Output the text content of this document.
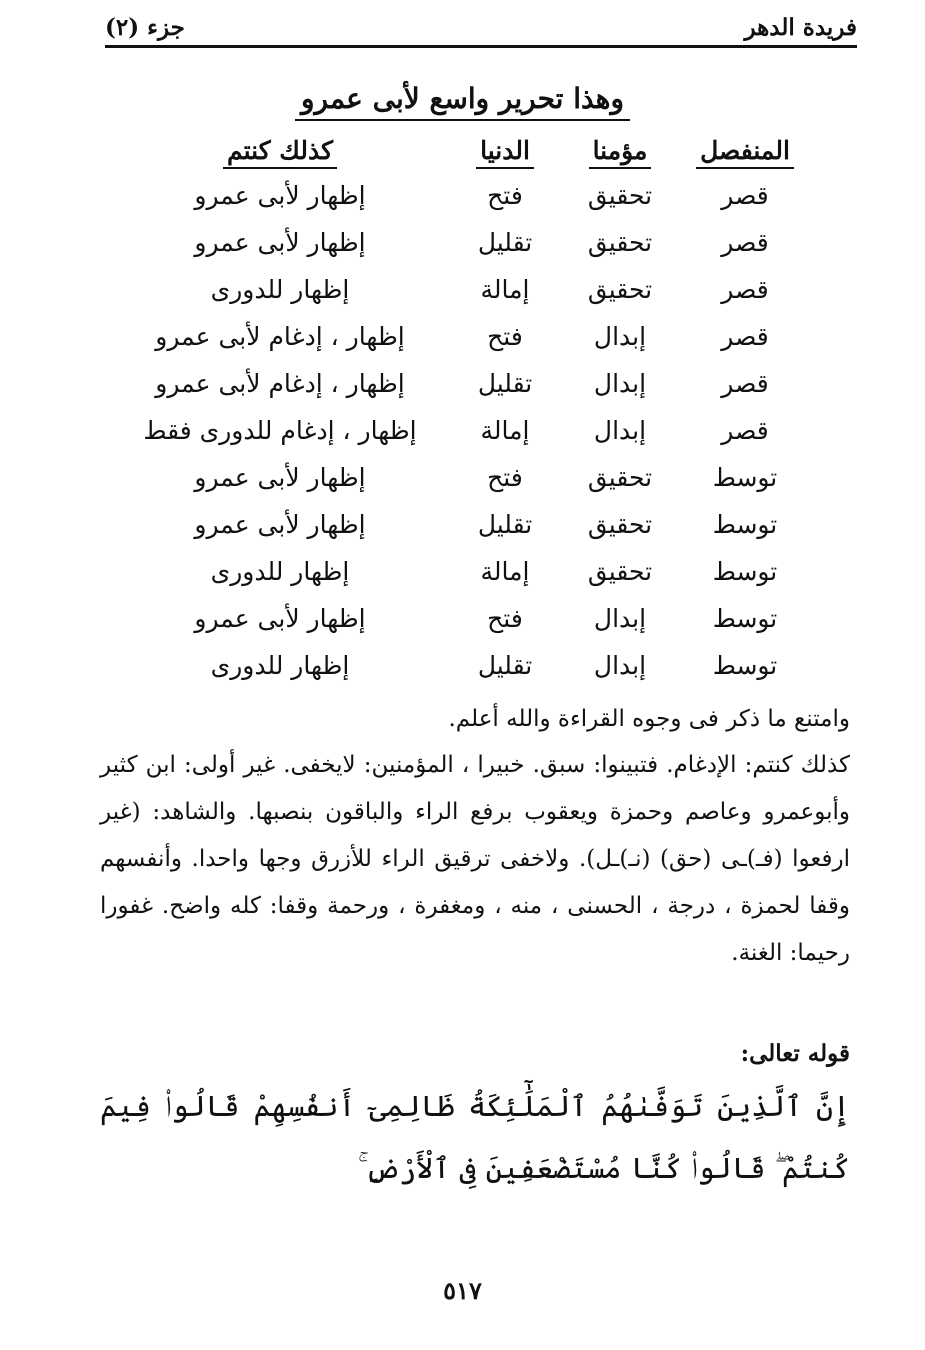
فريدة الدهر
جزء (٢)
وهذا تحرير واسع لأبى عمرو
المنفصل
مؤمنا
الدنيا
كذلك كنتم
قصر
تحقيق
فتح
إظهار لأبى عمرو
قصر
تحقيق
تقليل
إظهار لأبى عمرو
قصر
تحقيق
إمالة
إظهار للدورى
قصر
إبدال
فتح
إظهار ، إدغام لأبى عمرو
قصر
إبدال
تقليل
إظهار ، إدغام لأبى عمرو
قصر
إبدال
إمالة
إظهار ، إدغام للدورى فقط
توسط
تحقيق
فتح
إظهار لأبى عمرو
توسط
تحقيق
تقليل
إظهار لأبى عمرو
توسط
تحقيق
إمالة
إظهار للدورى
توسط
إبدال
فتح
إظهار لأبى عمرو
توسط
إبدال
تقليل
إظهار للدورى

وامتنع ما ذكر فى وجوه القراءة والله أعلم.

كذلك كنتم: الإدغام. فتبينوا: سبق. خبيرا ، المؤمنين: لايخفى. غير أولى: ابن كثير وأبوعمرو وعاصم وحمزة ويعقوب برفع الراء والباقون بنصبها. والشاهد: (غير ارفعوا (فـ)ـى (حق) (نـ)ـل). ولاخفى ترقيق الراء للأزرق وجها واحدا. وأنفسهم وقفا لحمزة ، درجة ، الحسنى ، منه ، ومغفرة ، ورحمة وقفا: كله واضح. غفورا رحيما: الغنة.

قوله تعالى:

إِنَّ ٱلَّذِينَ تَوَفَّىٰهُمُ ٱلْمَلَٰٓئِكَةُ ظَالِمِىٓ أَنفُسِهِمْ قَالُوا۟ فِيمَ كُنتُمْ ۖ قَالُوا۟ كُنَّا مُسْتَضْعَفِينَ فِى ٱلْأَرْضِ ۚ
٥١٧
